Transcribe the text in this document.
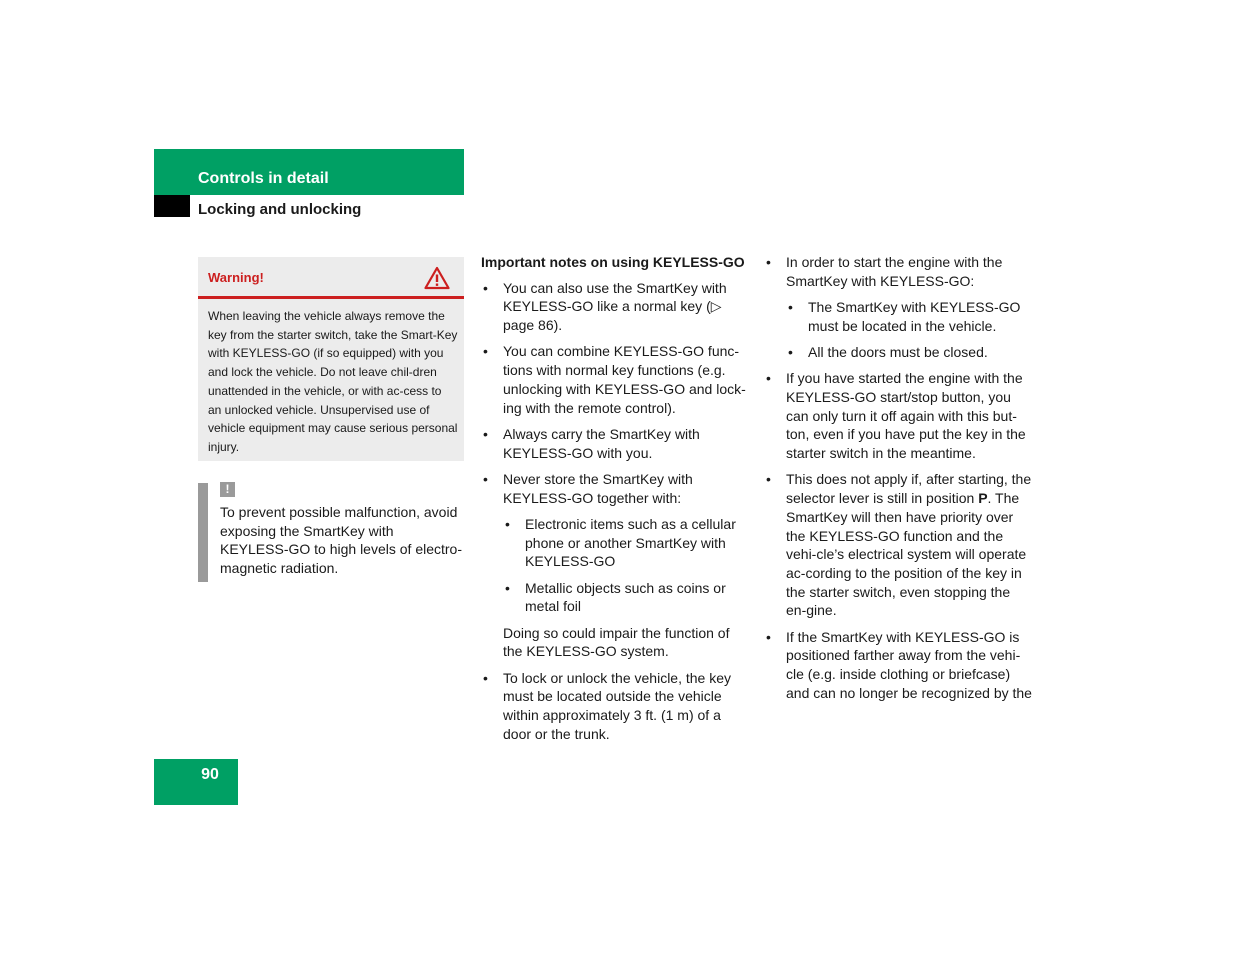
Controls in detail
Locking and unlocking
Warning!

When leaving the vehicle always remove the key from the starter switch, take the Smart-Key with KEYLESS-GO (if so equipped) with you and lock the vehicle. Do not leave chil-dren unattended in the vehicle, or with ac-cess to an unlocked vehicle. Unsupervised use of vehicle equipment may cause serious personal injury.

!

To prevent possible malfunction, avoid exposing the SmartKey with KEYLESS-GO to high levels of electro-magnetic radiation.

Important notes on using KEYLESS-GO

• You can also use the SmartKey with KEYLESS-GO like a normal key (▷ page 86).

• You can combine KEYLESS-GO func-tions with normal key functions (e.g. unlocking with KEYLESS-GO and lock-ing with the remote control).

• Always carry the SmartKey with KEYLESS-GO with you.

• Never store the SmartKey with KEYLESS-GO together with:

• Electronic items such as a cellular phone or another SmartKey with KEYLESS-GO

• Metallic objects such as coins or metal foil

Doing so could impair the function of the KEYLESS-GO system.

• To lock or unlock the vehicle, the key must be located outside the vehicle within approximately 3 ft. (1 m) of a door or the trunk.

• In order to start the engine with the SmartKey with KEYLESS-GO:

• The SmartKey with KEYLESS-GO must be located in the vehicle.

• All the doors must be closed.

• If you have started the engine with the KEYLESS-GO start/stop button, you can only turn it off again with this but-ton, even if you have put the key in the starter switch in the meantime.

• This does not apply if, after starting, the selector lever is still in position P. The SmartKey will then have priority over the KEYLESS-GO function and the vehi-cle’s electrical system will operate ac-cording to the position of the key in the starter switch, even stopping the en-gine.

• If the SmartKey with KEYLESS-GO is positioned farther away from the vehi-cle (e.g. inside clothing or briefcase) and can no longer be recognized by the

90
